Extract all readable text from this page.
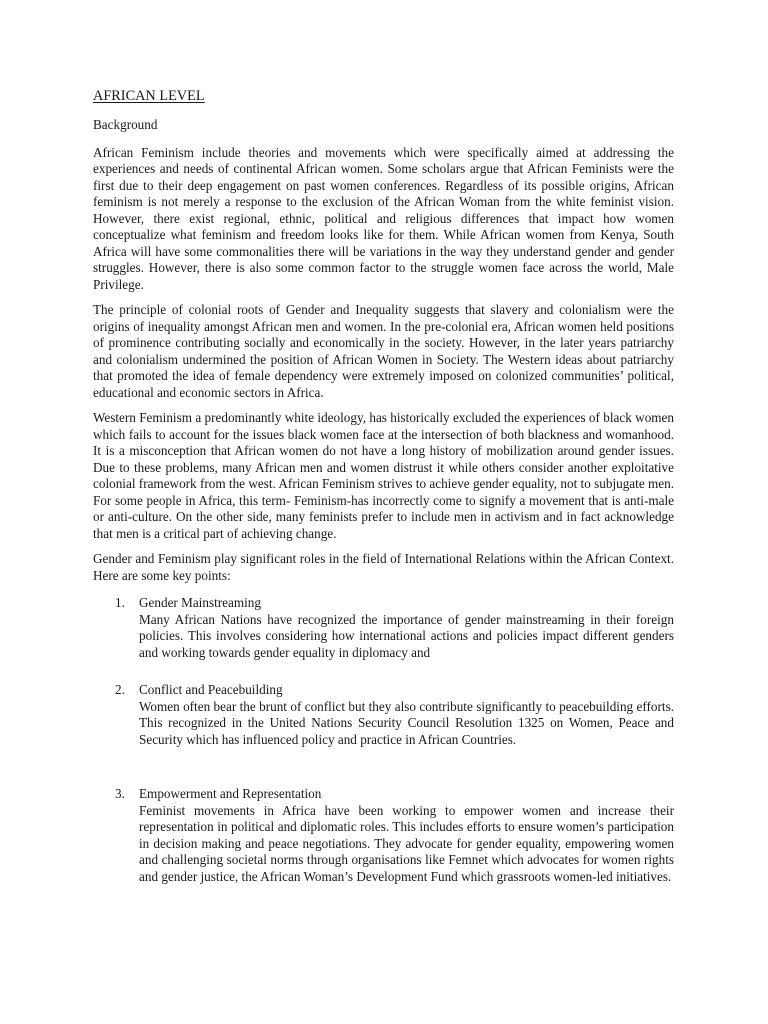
AFRICAN LEVEL
Background

African Feminism include theories and movements which were specifically aimed at addressing the experiences and needs of continental African women. Some scholars argue that African Feminists were the first due to their deep engagement on past women conferences. Regardless of its possible origins, African feminism is not merely a response to the exclusion of the African Woman from the white feminist vision. However, there exist regional, ethnic, political and religious differences that impact how women conceptualize what feminism and freedom looks like for them. While African women from Kenya, South Africa will have some commonalities there will be variations in the way they understand gender and gender struggles. However, there is also some common factor to the struggle women face across the world, Male Privilege.

The principle of colonial roots of Gender and Inequality suggests that slavery and colonialism were the origins of inequality amongst African men and women. In the pre-colonial era, African women held positions of prominence contributing socially and economically in the society. However, in the later years patriarchy and colonialism undermined the position of African Women in Society. The Western ideas about patriarchy that promoted the idea of female dependency were extremely imposed on colonized communities’ political, educational and economic sectors in Africa.

Western Feminism a predominantly white ideology, has historically excluded the experiences of black women which fails to account for the issues black women face at the intersection of both blackness and womanhood. It is a misconception that African women do not have a long history of mobilization around gender issues. Due to these problems, many African men and women distrust it while others consider another exploitative colonial framework from the west. African Feminism strives to achieve gender equality, not to subjugate men. For some people in Africa, this term- Feminism-has incorrectly come to signify a movement that is anti-male or anti-culture. On the other side, many feminists prefer to include men in activism and in fact acknowledge that men is a critical part of achieving change.

Gender and Feminism play significant roles in the field of International Relations within the African Context. Here are some key points:

1. Gender Mainstreaming
Many African Nations have recognized the importance of gender mainstreaming in their foreign policies. This involves considering how international actions and policies impact different genders and working towards gender equality in diplomacy and
2. Conflict and Peacebuilding
Women often bear the brunt of conflict but they also contribute significantly to peacebuilding efforts. This recognized in the United Nations Security Council Resolution 1325 on Women, Peace and Security which has influenced policy and practice in African Countries.
3. Empowerment and Representation
Feminist movements in Africa have been working to empower women and increase their representation in political and diplomatic roles. This includes efforts to ensure women’s participation in decision making and peace negotiations. They advocate for gender equality, empowering women and challenging societal norms through organisations like Femnet which advocates for women rights and gender justice, the African Woman’s Development Fund which grassroots women-led initiatives.
